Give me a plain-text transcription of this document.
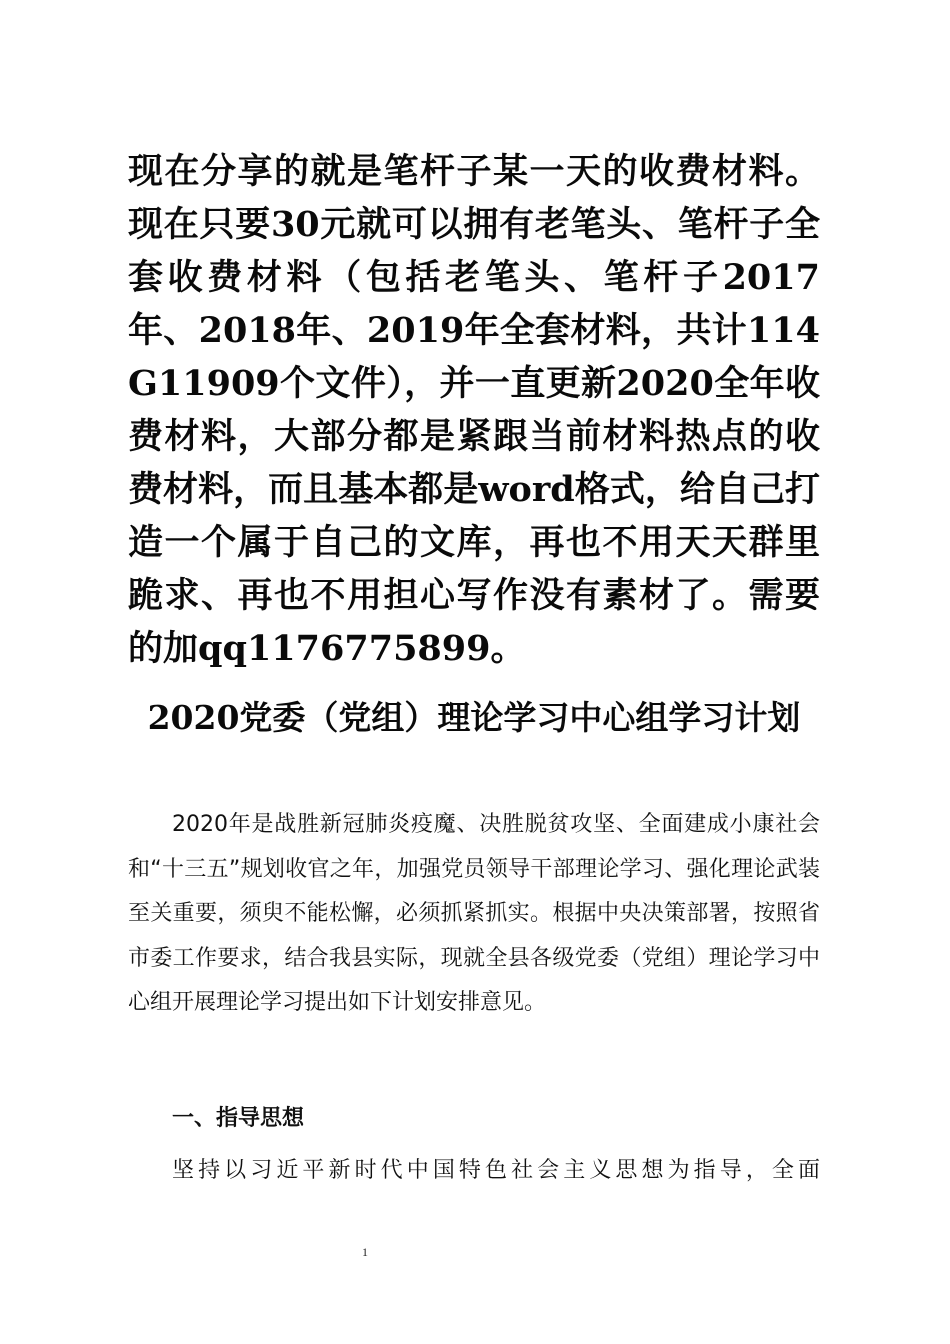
现在分享的就是笔杆子某一天的收费材料。现在只要30元就可以拥有老笔头、笔杆子全套收费材料（包括老笔头、笔杆子2017年、2018年、2019年全套材料，共计114G11909个文件），并一直更新2020全年收费材料，大部分都是紧跟当前材料热点的收费材料，而且基本都是word格式，给自己打造一个属于自己的文库，再也不用天天群里跪求、再也不用担心写作没有素材了。需要的加qq1176775899。

2020党委（党组）理论学习中心组学习计划

2020年是战胜新冠肺炎疫魔、决胜脱贫攻坚、全面建成小康社会和“十三五”规划收官之年，加强党员领导干部理论学习、强化理论武装至关重要，须臾不能松懈，必须抓紧抓实。根据中央决策部署，按照省市委工作要求，结合我县实际，现就全县各级党委（党组）理论学习中心组开展理论学习提出如下计划安排意见。

一、指导思想

坚持以习近平新时代中国特色社会主义思想为指导，全面

1
